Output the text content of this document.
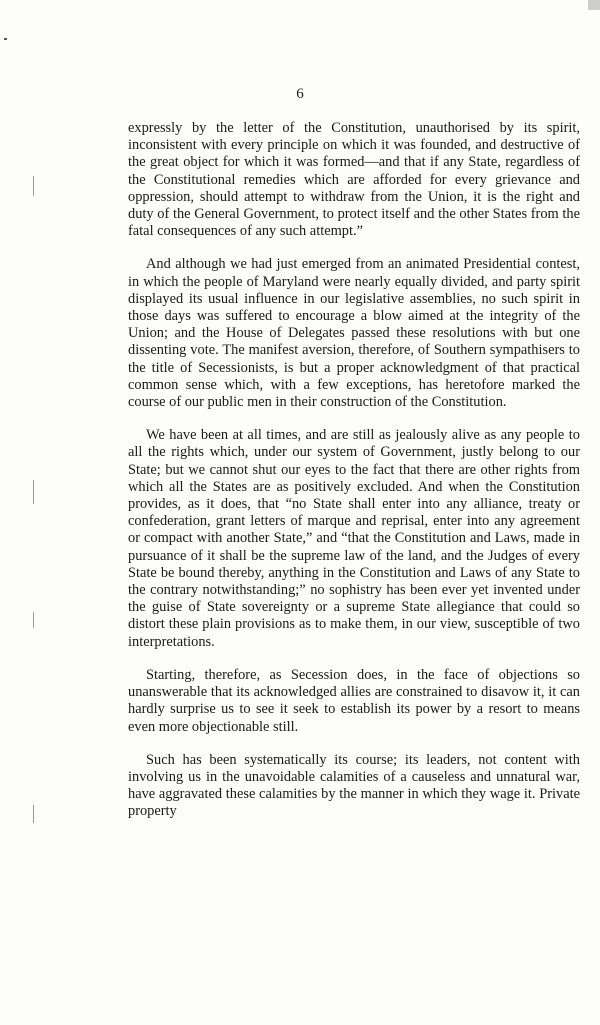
6

expressly by the letter of the Constitution, unauthorised by its spirit, inconsistent with every principle on which it was founded, and destructive of the great object for which it was formed—and that if any State, regardless of the Constitutional remedies which are afforded for every grievance and oppression, should attempt to withdraw from the Union, it is the right and duty of the General Government, to protect itself and the other States from the fatal consequences of any such attempt.”

And although we had just emerged from an animated Presidential contest, in which the people of Maryland were nearly equally divided, and party spirit displayed its usual influence in our legislative assemblies, no such spirit in those days was suffered to encourage a blow aimed at the integrity of the Union; and the House of Delegates passed these resolutions with but one dissenting vote. The manifest aversion, therefore, of Southern sympathisers to the title of Secessionists, is but a proper acknowledgment of that practical common sense which, with a few exceptions, has heretofore marked the course of our public men in their construction of the Constitution.

We have been at all times, and are still as jealously alive as any people to all the rights which, under our system of Government, justly belong to our State; but we cannot shut our eyes to the fact that there are other rights from which all the States are as positively excluded. And when the Constitution provides, as it does, that “no State shall enter into any alliance, treaty or confederation, grant letters of marque and reprisal, enter into any agreement or compact with another State,” and “that the Constitution and Laws, made in pursuance of it shall be the supreme law of the land, and the Judges of every State be bound thereby, anything in the Constitution and Laws of any State to the contrary notwithstanding;” no sophistry has been ever yet invented under the guise of State sovereignty or a supreme State allegiance that could so distort these plain provisions as to make them, in our view, susceptible of two interpretations.

Starting, therefore, as Secession does, in the face of objections so unanswerable that its acknowledged allies are constrained to disavow it, it can hardly surprise us to see it seek to establish its power by a resort to means even more objectionable still.

Such has been systematically its course; its leaders, not content with involving us in the unavoidable calamities of a causeless and unnatural war, have aggravated these calamities by the manner in which they wage it. Private property
